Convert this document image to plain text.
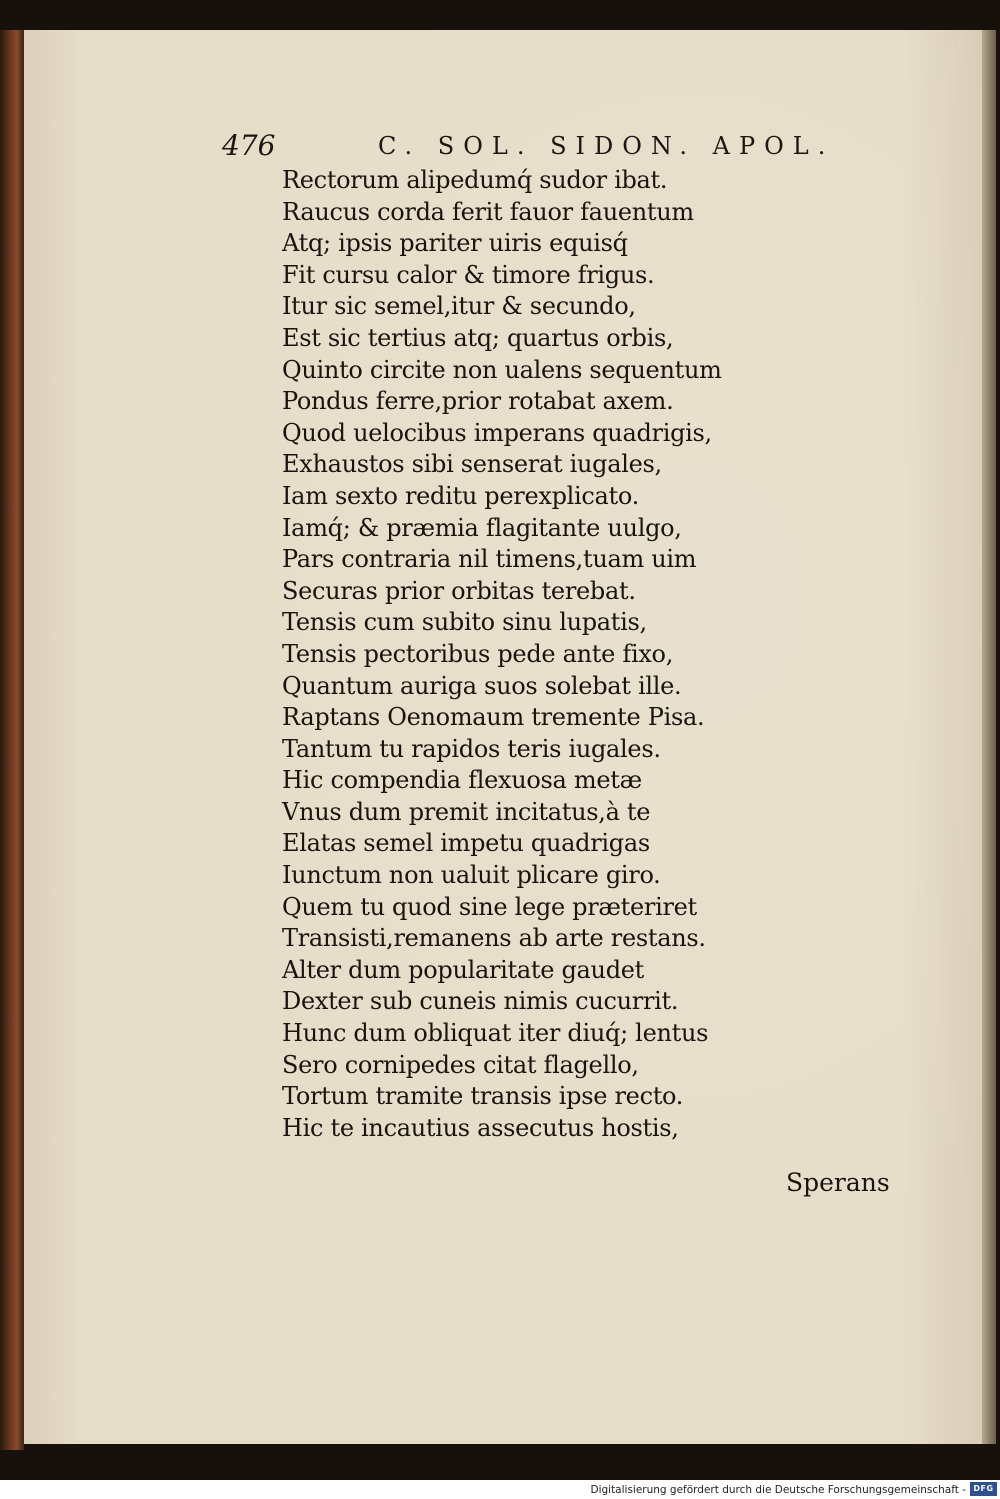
476	C. SOL. SIDON. APOL.
Rectorum alipedumq́ sudor ibat.
Raucus corda ferit fauor fauentum
Atq; ipsis pariter uiris equisq́
Fit cursu calor & timore frigus.
Itur sic semel,itur & secundo,
Est sic tertius atq; quartus orbis,
Quinto circite non ualens sequentum
Pondus ferre,prior rotabat axem.
Quod uelocibus imperans quadrigis,
Exhaustos sibi senserat iugales,
Iam sexto reditu perexplicato.
Iamq́; & præmia flagitante uulgo,
Pars contraria nil timens,tuam uim
Securas prior orbitas terebat.
Tensis cum subito sinu lupatis,
Tensis pectoribus pede ante fixo,
Quantum auriga suos solebat ille.
Raptans Oenomaum tremente Pisa.
Tantum tu rapidos teris iugales.
Hic compendia flexuosa metæ
Vnus dum premit incitatus,à te
Elatas semel impetu quadrigas
Iunctum non ualuit plicare giro.
Quem tu quod sine lege præteriret
Transisti,remanens ab arte restans.
Alter dum popularitate gaudet
Dexter sub cuneis nimis cucurrit.
Hunc dum obliquat iter diuq́; lentus
Sero cornipedes citat flagello,
Tortum tramite transis ipse recto.
Hic te incautius assecutus hostis,
Sperans
Digitalisierung gefördert durch die Deutsche Forschungsgemeinschaft - DFG
